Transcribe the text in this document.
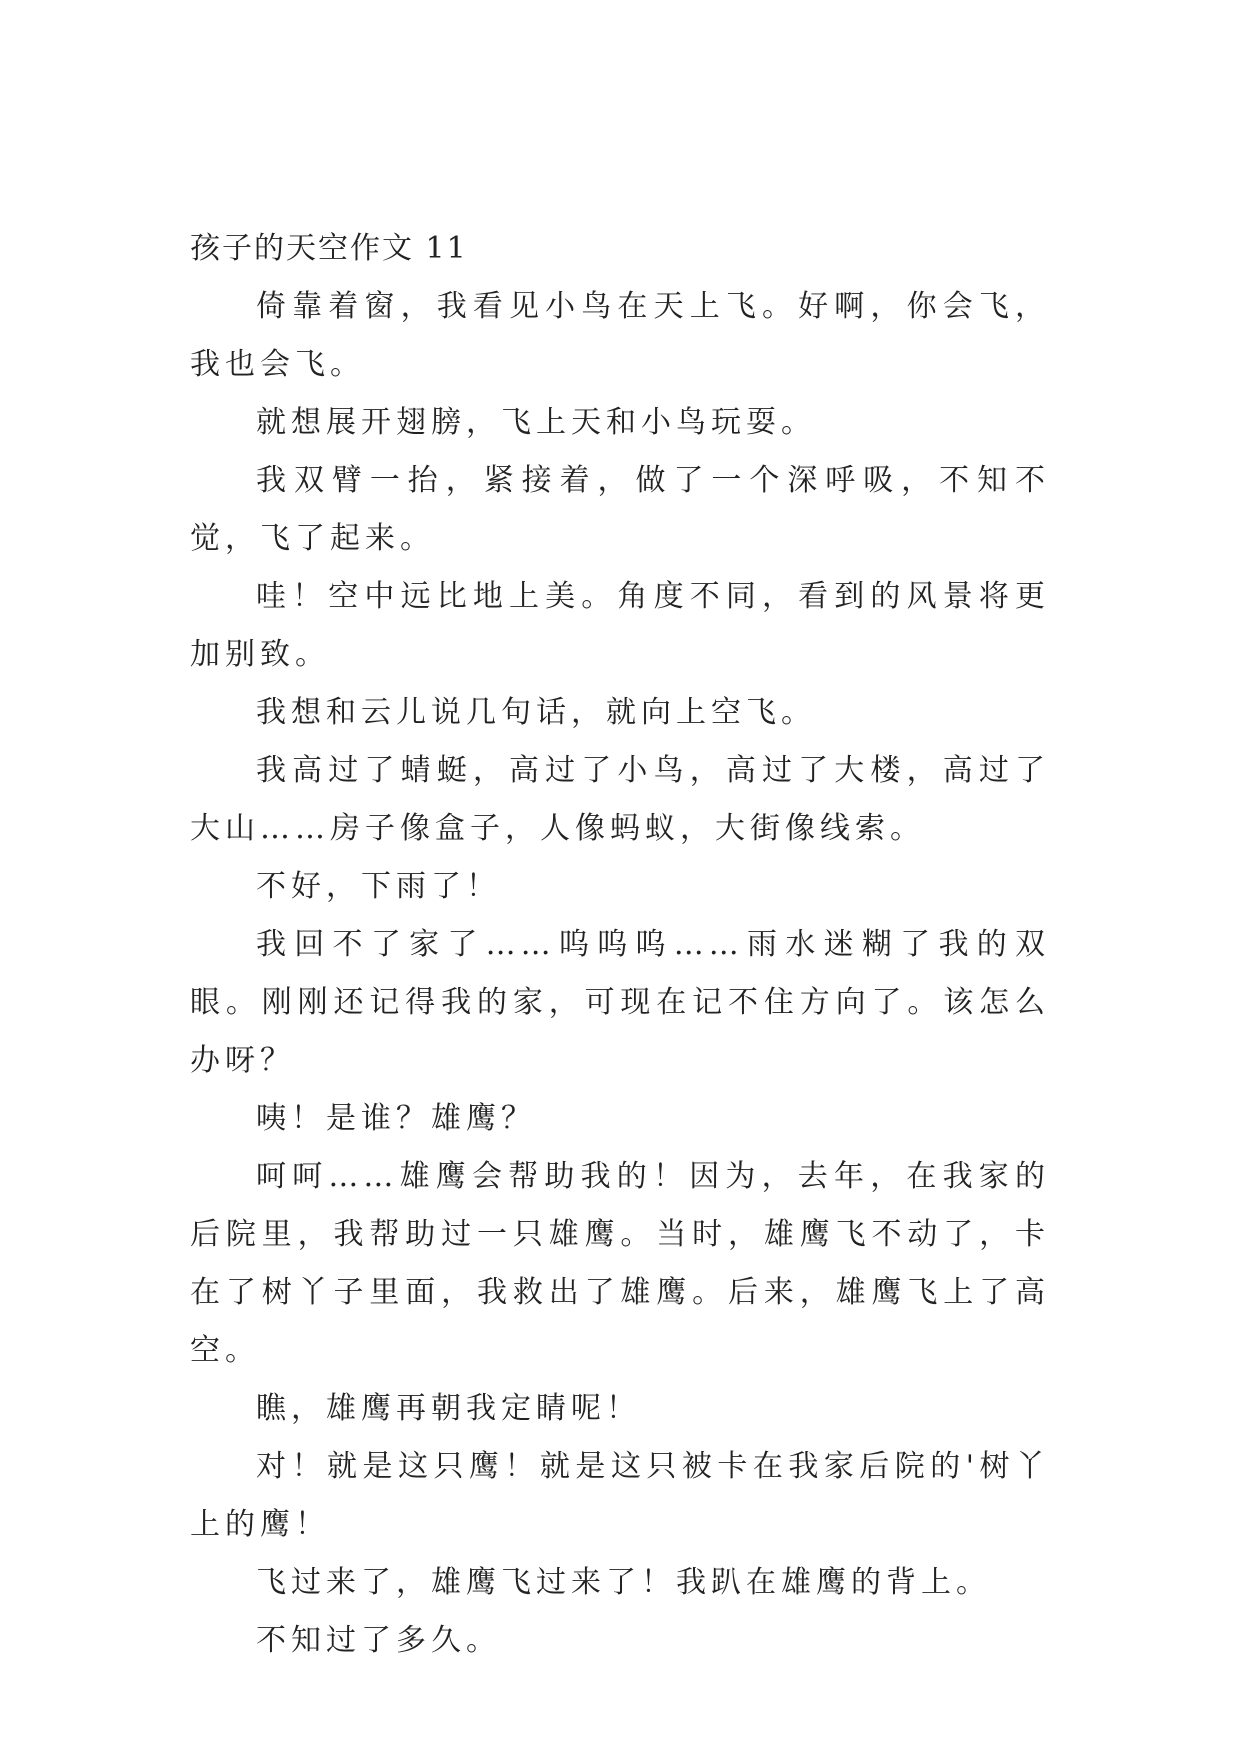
孩子的天空作文 11

倚靠着窗，我看见小鸟在天上飞。好啊，你会飞，我也会飞。

就想展开翅膀，飞上天和小鸟玩耍。

我双臂一抬，紧接着，做了一个深呼吸，不知不觉，飞了起来。

哇！空中远比地上美。角度不同，看到的风景将更加别致。

我想和云儿说几句话，就向上空飞。

我高过了蜻蜓，高过了小鸟，高过了大楼，高过了大山……房子像盒子，人像蚂蚁，大街像线索。

不好，下雨了！

我回不了家了……呜呜呜……雨水迷糊了我的双眼。刚刚还记得我的家，可现在记不住方向了。该怎么办呀？

咦！是谁？雄鹰？

呵呵……雄鹰会帮助我的！因为，去年，在我家的后院里，我帮助过一只雄鹰。当时，雄鹰飞不动了，卡在了树丫子里面，我救出了雄鹰。后来，雄鹰飞上了高空。

瞧，雄鹰再朝我定睛呢！

对！就是这只鹰！就是这只被卡在我家后院的'树丫上的鹰！

飞过来了，雄鹰飞过来了！我趴在雄鹰的背上。

不知过了多久。
